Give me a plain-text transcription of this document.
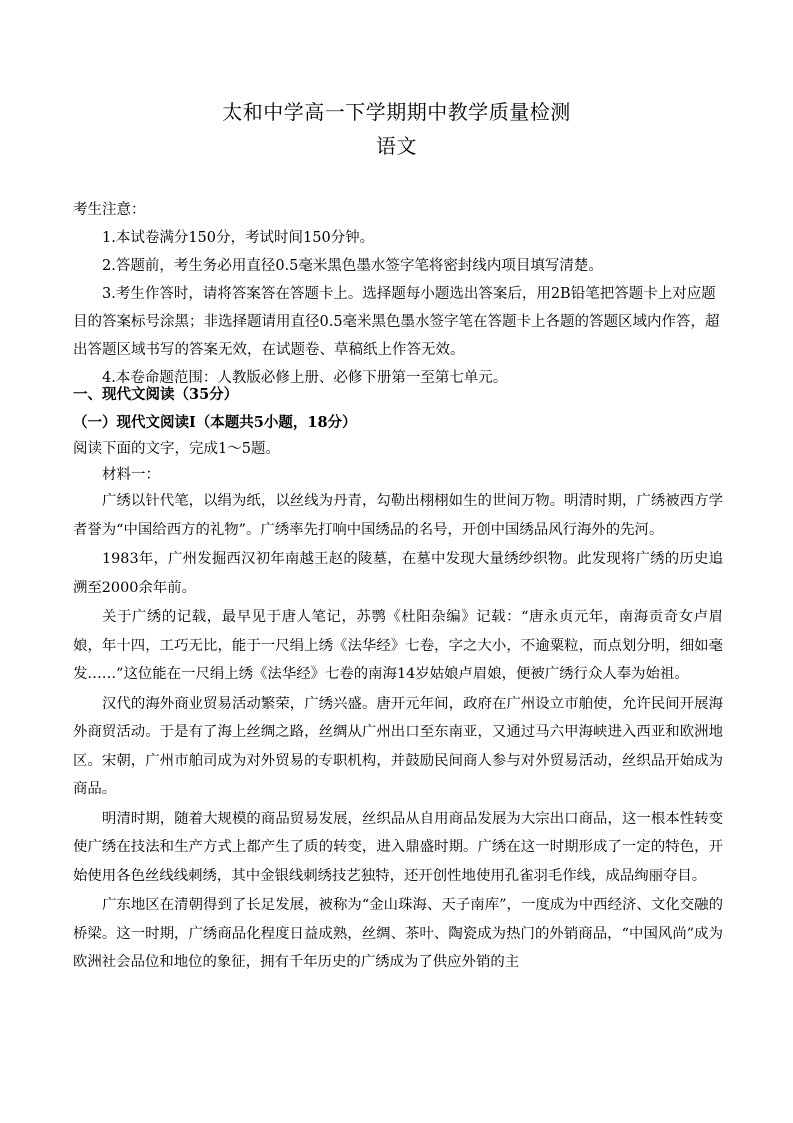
太和中学高一下学期期中教学质量检测
语文

考生注意：

1.本试卷满分150分，考试时间150分钟。

2.答题前，考生务必用直径0.5毫米黑色墨水签字笔将密封线内项目填写清楚。

3.考生作答时，请将答案答在答题卡上。选择题每小题选出答案后，用2B铅笔把答题卡上对应题目的答案标号涂黑；非选择题请用直径0.5毫米黑色墨水签字笔在答题卡上各题的答题区域内作答，超出答题区域书写的答案无效，在试题卷、草稿纸上作答无效。

4.本卷命题范围：人教版必修上册、必修下册第一至第七单元。

一、现代文阅读（35分）
（一）现代文阅读I（本题共5小题，18分）
阅读下面的文字，完成1～5题。
材料一：

广绣以针代笔，以绢为纸，以丝线为丹青，勾勒出栩栩如生的世间万物。明清时期，广绣被西方学者誉为“中国给西方的礼物”。广绣率先打响中国绣品的名号，开创中国绣品风行海外的先河。

1983年，广州发掘西汉初年南越王赵的陵墓，在墓中发现大量绣纱织物。此发现将广绣的历史追溯至2000余年前。

关于广绣的记载，最早见于唐人笔记，苏鹗《杜阳杂编》记载：“唐永贞元年，南海贡奇女卢眉娘，年十四，工巧无比，能于一尺绢上绣《法华经》七卷，字之大小，不逾粟粒，而点划分明，细如毫发……”这位能在一尺绢上绣《法华经》七卷的南海14岁姑娘卢眉娘，便被广绣行众人奉为始祖。

汉代的海外商业贸易活动繁荣，广绣兴盛。唐开元年间，政府在广州设立市舶使，允许民间开展海外商贸活动。于是有了海上丝绸之路，丝绸从广州出口至东南亚，又通过马六甲海峡进入西亚和欧洲地区。宋朝，广州市舶司成为对外贸易的专职机构，并鼓励民间商人参与对外贸易活动，丝织品开始成为商品。

明清时期，随着大规模的商品贸易发展，丝织品从自用商品发展为大宗出口商品，这一根本性转变使广绣在技法和生产方式上都产生了质的转变，进入鼎盛时期。广绣在这一时期形成了一定的特色，开始使用各色丝线线刺绣，其中金银线刺绣技艺独特，还开创性地使用孔雀羽毛作线，成品绚丽夺目。

广东地区在清朝得到了长足发展，被称为“金山珠海、天子南库”，一度成为中西经济、文化交融的桥梁。这一时期，广绣商品化程度日益成熟，丝绸、茶叶、陶瓷成为热门的外销商品，“中国风尚”成为欧洲社会品位和地位的象征，拥有千年历史的广绣成为了供应外销的主
